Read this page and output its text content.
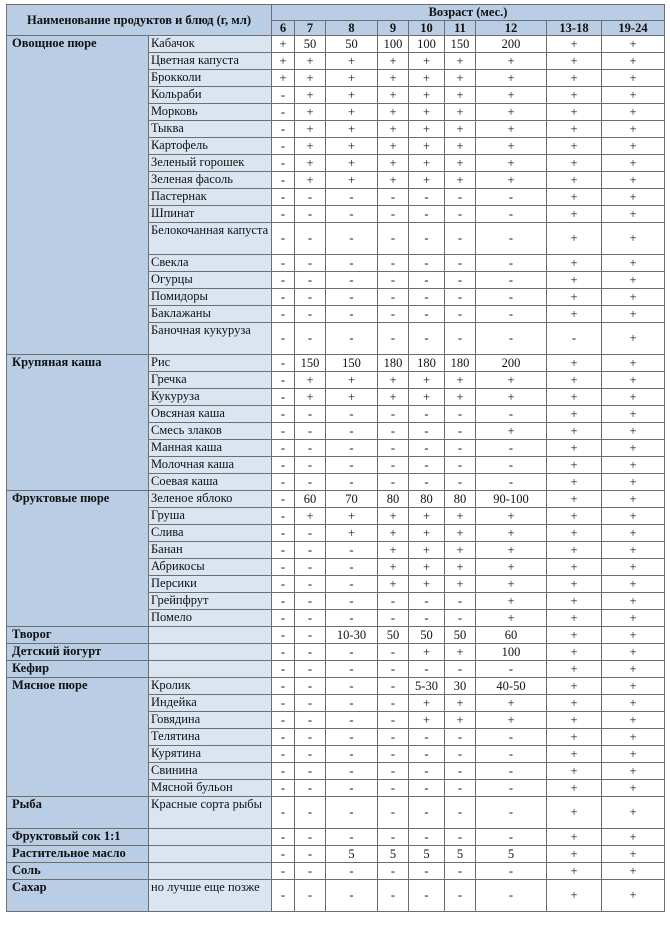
Наименование продуктов и блюд (г, мл)		Возраст (мес.)								
		6	7	8	9	10	11	12	13-18	19-24
Овощное пюре	Кабачок	+	50	50	100	100	150	200	+	+
	Цветная капуста	+	+	+	+	+	+	+	+	+
	Брокколи	+	+	+	+	+	+	+	+	+
	Кольраби	-	+	+	+	+	+	+	+	+
	Морковь	-	+	+	+	+	+	+	+	+
	Тыква	-	+	+	+	+	+	+	+	+
	Картофель	-	+	+	+	+	+	+	+	+
	Зеленый горошек	-	+	+	+	+	+	+	+	+
	Зеленая фасоль	-	+	+	+	+	+	+	+	+
	Пастернак	-	-	-	-	-	-	-	+	+
	Шпинат	-	-	-	-	-	-	-	+	+
	Белокочанная капуста	-	-	-	-	-	-	-	+	+
	Свекла	-	-	-	-	-	-	-	+	+
	Огурцы	-	-	-	-	-	-	-	+	+
	Помидоры	-	-	-	-	-	-	-	+	+
	Баклажаны	-	-	-	-	-	-	-	+	+
	Баночная кукуруза	-	-	-	-	-	-	-	-	+
Крупяная каша	Рис	-	150	150	180	180	180	200	+	+
	Гречка	-	+	+	+	+	+	+	+	+
	Кукуруза	-	+	+	+	+	+	+	+	+
	Овсяная каша	-	-	-	-	-	-	-	+	+
	Смесь злаков	-	-	-	-	-	-	+	+	+
	Манная каша	-	-	-	-	-	-	-	+	+
	Молочная каша	-	-	-	-	-	-	-	+	+
	Соевая каша	-	-	-	-	-	-	-	+	+
Фруктовые пюре	Зеленое яблоко	-	60	70	80	80	80	90-100	+	+
	Груша	-	+	+	+	+	+	+	+	+
	Слива	-	-	+	+	+	+	+	+	+
	Банан	-	-	-	+	+	+	+	+	+
	Абрикосы	-	-	-	+	+	+	+	+	+
	Персики	-	-	-	+	+	+	+	+	+
	Грейпфрут	-	-	-	-	-	-	+	+	+
	Помело	-	-	-	-	-	-	+	+	+
Творог		-	-	10-30	50	50	50	60	+	+
Детский йогурт		-	-	-	-	+	+	100	+	+
Кефир		-	-	-	-	-	-	-	+	+
Мясное пюре	Кролик	-	-	-	-	5-30	30	40-50	+	+
	Индейка	-	-	-	-	+	+	+	+	+
	Говядина	-	-	-	-	+	+	+	+	+
	Телятина	-	-	-	-	-	-	-	+	+
	Курятина	-	-	-	-	-	-	-	+	+
	Свинина	-	-	-	-	-	-	-	+	+
	Мясной бульон	-	-	-	-	-	-	-	+	+
Рыба	Красные сорта рыбы	-	-	-	-	-	-	-	+	+
Фруктовый сок 1:1		-	-	-	-	-	-	-	+	+
Растительное масло		-	-	5	5	5	5	5	+	+
Соль		-	-	-	-	-	-	-	+	+
Сахар	но лучше еще позже	-	-	-	-	-	-	-	+	+
